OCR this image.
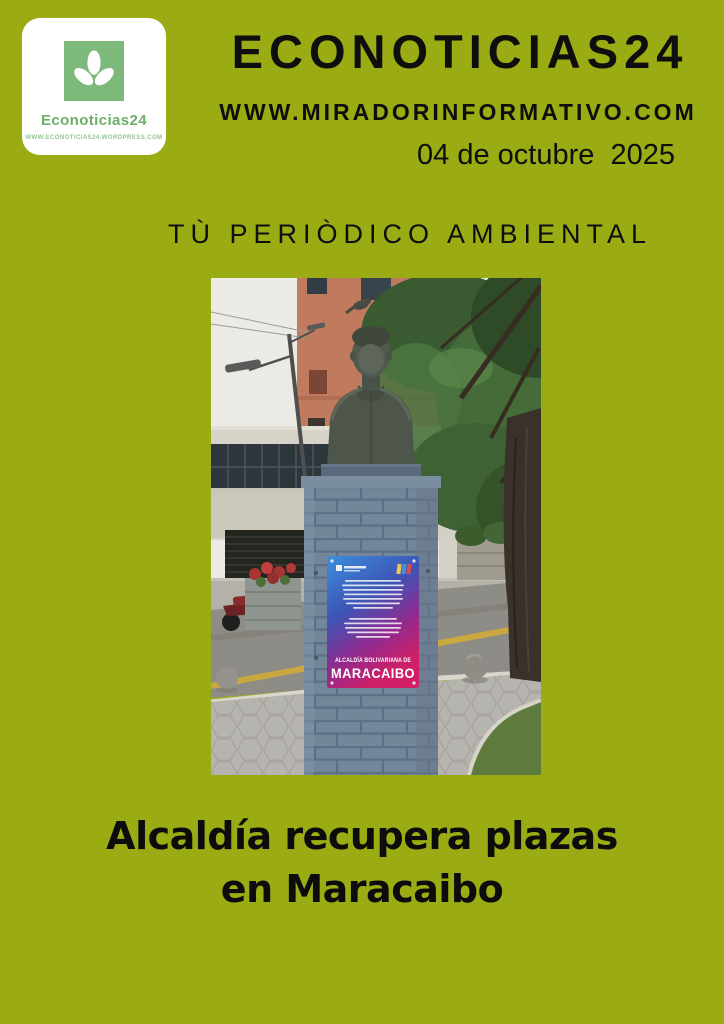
Econoticias24
WWW.ECONOTICIAS24.WORDPRESS.COM
ECONOTICIAS24
WWW.MIRADORINFORMATIVO.COM
04 de octubre  2025
TÙ PERIÒDICO AMBIENTAL
ALCALDÍA BOLIVARIANA DE
MARACAIBO
Alcaldía recupera plazas
en Maracaibo
